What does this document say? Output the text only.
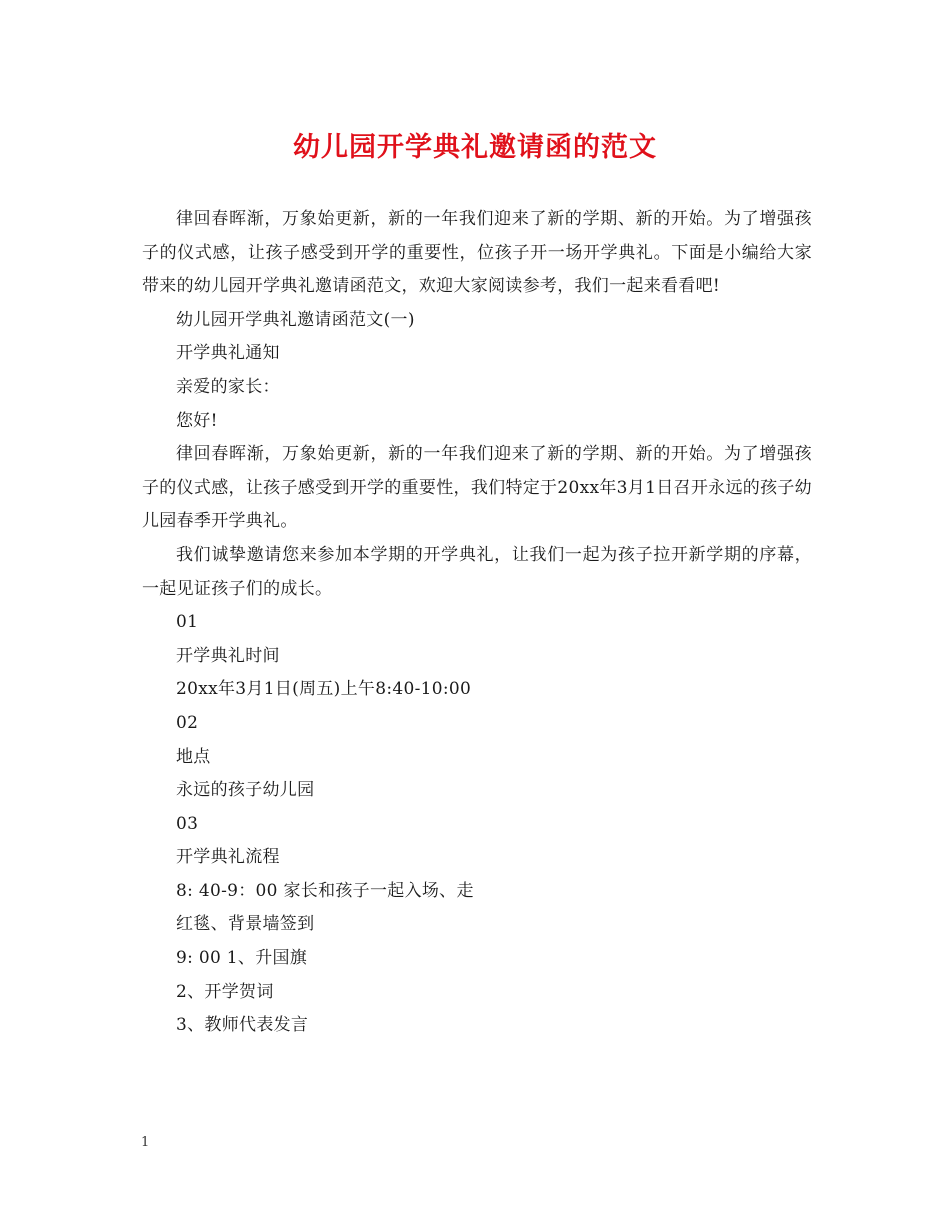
幼儿园开学典礼邀请函的范文

律回春晖渐，万象始更新，新的一年我们迎来了新的学期、新的开始。为了增强孩子的仪式感，让孩子感受到开学的重要性，位孩子开一场开学典礼。下面是小编给大家带来的幼儿园开学典礼邀请函范文，欢迎大家阅读参考，我们一起来看看吧!

幼儿园开学典礼邀请函范文(一)

开学典礼通知

亲爱的家长：

您好!

律回春晖渐，万象始更新，新的一年我们迎来了新的学期、新的开始。为了增强孩子的仪式感，让孩子感受到开学的重要性，我们特定于20xx年3月1日召开永远的孩子幼儿园春季开学典礼。

我们诚挚邀请您来参加本学期的开学典礼，让我们一起为孩子拉开新学期的序幕，一起见证孩子们的成长。

01

开学典礼时间

20xx年3月1日(周五)上午8:40-10:00

02

地点

永远的孩子幼儿园

03

开学典礼流程

8: 40-9：00 家长和孩子一起入场、走

红毯、背景墙签到

9: 00 1、升国旗

2、开学贺词

3、教师代表发言

1
